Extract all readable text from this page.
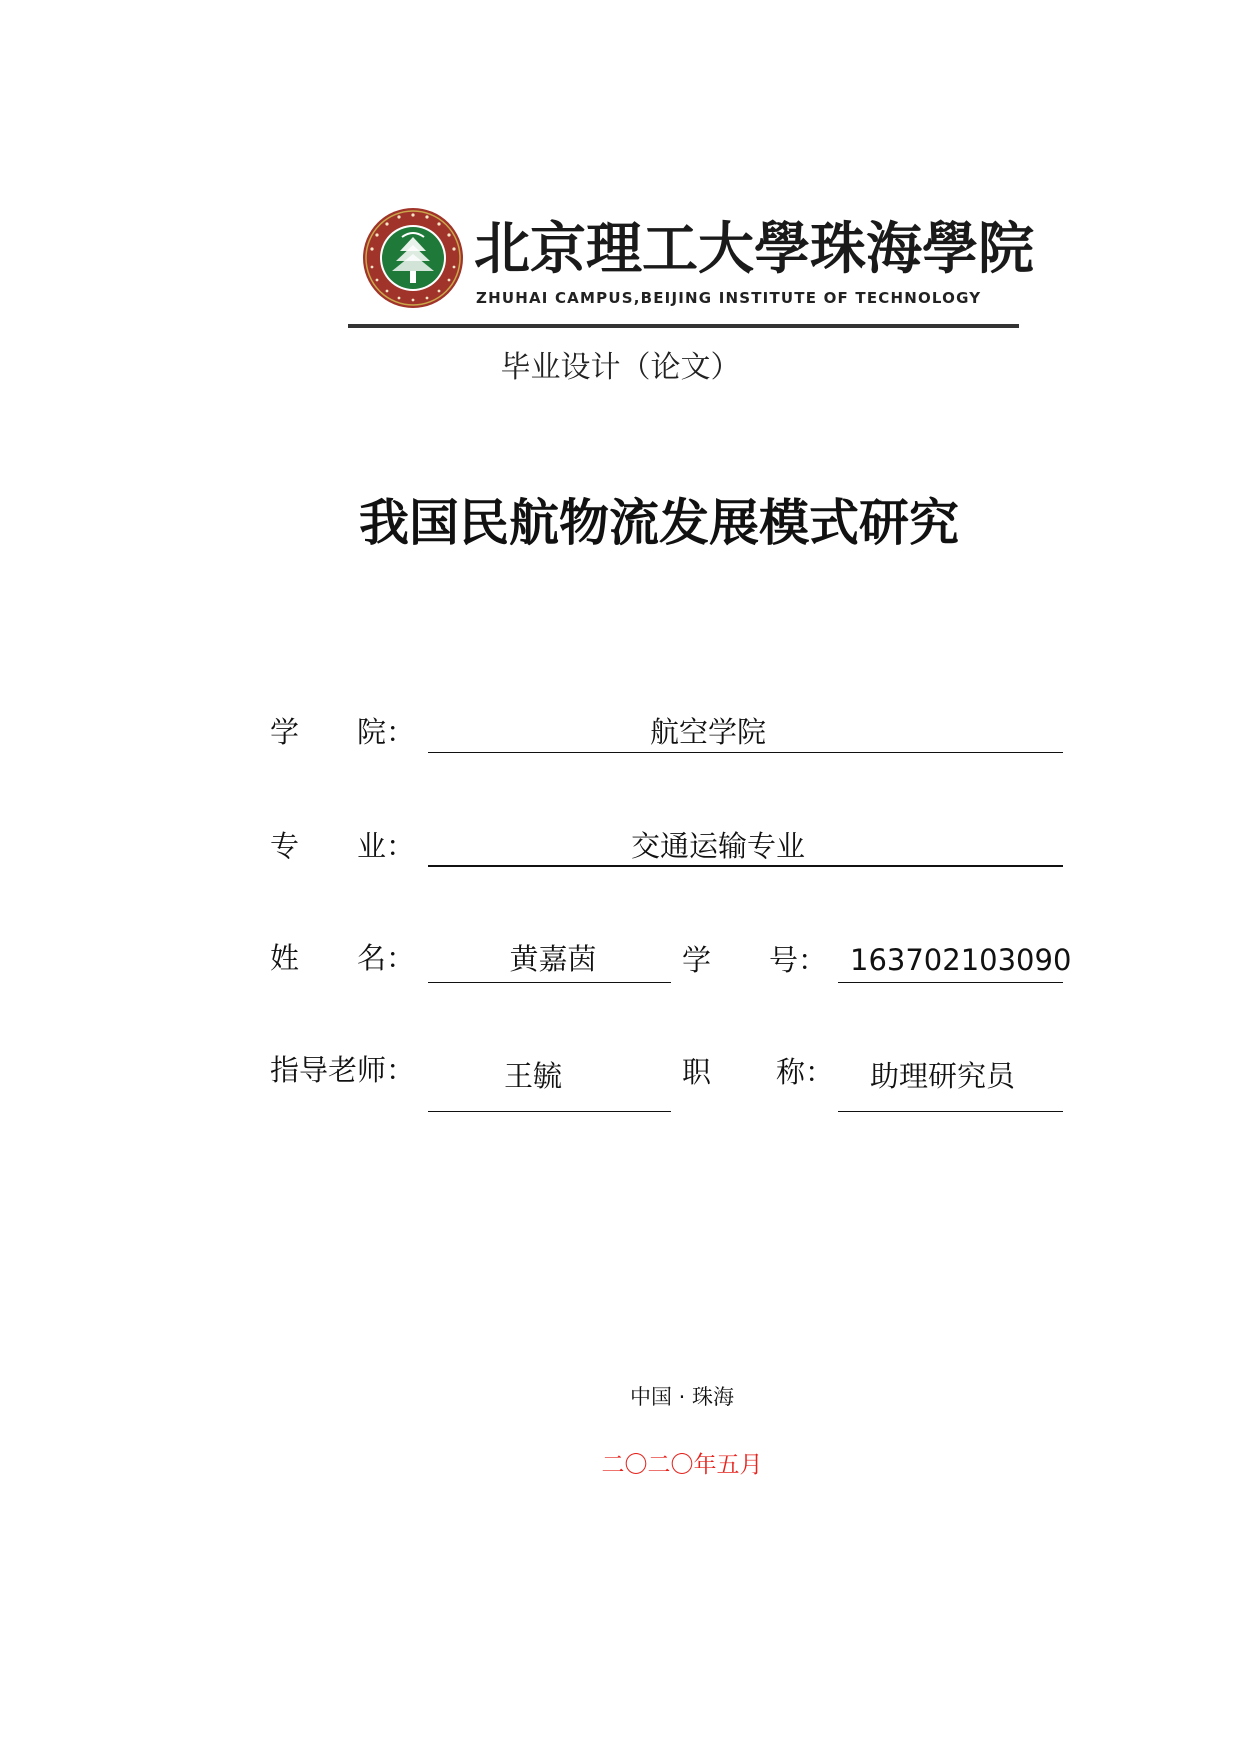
北京理工大學珠海學院
ZHUHAI CAMPUS,BEIJING INSTITUTE OF TECHNOLOGY
毕业设计（论文）
我国民航物流发展模式研究
学　　院：	航空学院
专　　业：	交通运输专业
姓　　名：	黄嘉茵	学　　号： 163702103090
指导老师：	王毓	职 称： 助理研究员
中国 · 珠海
二〇二〇年五月
